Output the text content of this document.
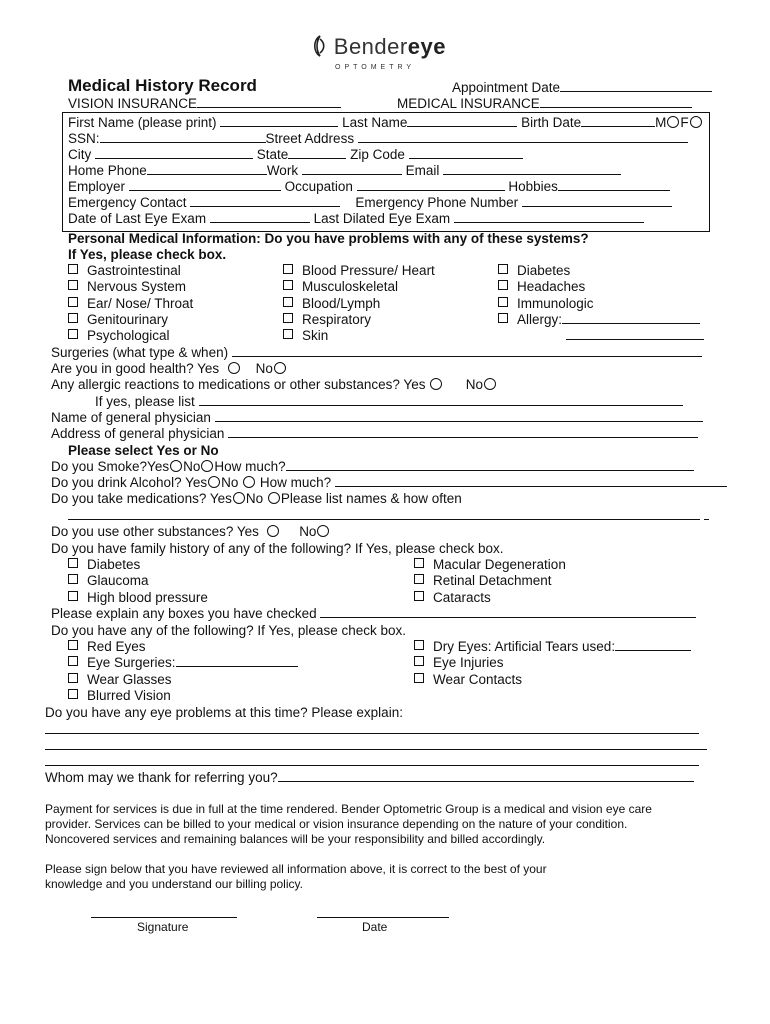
Bendereye
OPTOMETRY
Medical History Record	Appointment Date
VISION INSURANCE	MEDICAL INSURANCE
First Name (please print)	Last Name	Birth Date	M F
SSN:	Street Address
City	State	Zip Code
Home Phone	Work	Email
Employer	Occupation	Hobbies
Emergency Contact	Emergency Phone Number
Date of Last Eye Exam	Last Dilated Eye Exam
Personal Medical Information: Do you have problems with any of these systems?
If Yes, please check box.
Gastrointestinal
Nervous System
Ear/ Nose/ Throat
Genitourinary
Psychological
Blood Pressure/ Heart
Musculoskeletal
Blood/Lymph
Respiratory
Skin
Diabetes
Headaches
Immunologic
Allergy:
Surgeries (what type & when)
Are you in good health? Yes	No
Any allergic reactions to medications or other substances? Yes	No
If yes, please list
Name of general physician
Address of general physician
Please select Yes or No
Do you Smoke?Yes No How much?
Do you drink Alcohol? Yes No How much?
Do you take medications? Yes No Please list names & how often

Do you use other substances? Yes	No
Do you have family history of any of the following? If Yes, please check box.
Diabetes
Glaucoma
High blood pressure
Macular Degeneration
Retinal Detachment
Cataracts
Please explain any boxes you have checked
Do you have any of the following? If Yes, please check box.
Red Eyes
Eye Surgeries:
Wear Glasses
Blurred Vision
Dry Eyes: Artificial Tears used:
Eye Injuries
Wear Contacts
Do you have any eye problems at this time? Please explain:
Whom may we thank for referring you?
Payment for services is due in full at the time rendered. Bender Optometric Group is a medical and vision eye care provider. Services can be billed to your medical or vision insurance depending on the nature of your condition. Noncovered services and remaining balances will be your responsibility and billed accordingly.
Please sign below that you have reviewed all information above, it is correct to the best of your knowledge and you understand our billing policy.
Signature	Date
